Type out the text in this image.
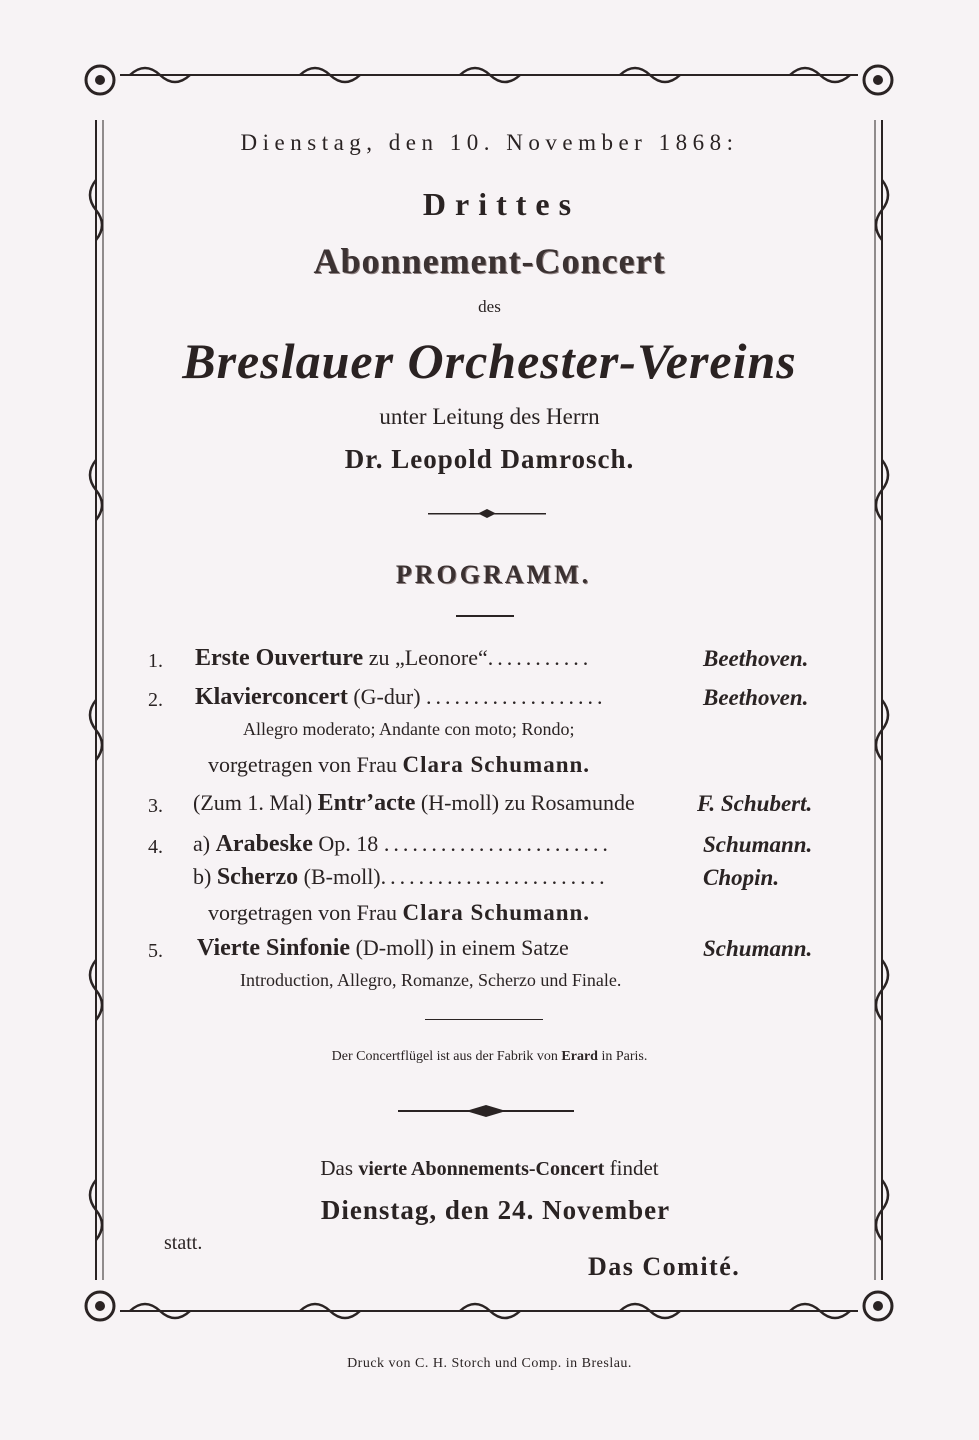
Dienstag, den 10. November 1868:

Drittes

Abonnement-Concert

des

Breslauer Orchester-Vereins

unter Leitung des Herrn

Dr. Leopold Damrosch.

PROGRAMM.

1. Erste Ouverture zu „Leonore“...........	Beethoven.
2. Klavierconcert (G-dur) ...................	Beethoven.
Allegro moderato; Andante con moto; Rondo;
vorgetragen von Frau Clara Schumann.
3. (Zum 1. Mal) Entr’acte (H-moll) zu Rosamunde	F. Schubert.
4. a) Arabeske Op. 18 ........................	Schumann.
b) Scherzo (B-moll)........................	Chopin.
vorgetragen von Frau Clara Schumann.
5. Vierte Sinfonie (D-moll) in einem Satze	Schumann.
Introduction, Allegro, Romanze, Scherzo und Finale.

Der Concertflügel ist aus der Fabrik von Erard in Paris.

Das vierte Abonnements-Concert findet

Dienstag, den 24. November

statt.
Das Comité.

Druck von C. H. Storch und Comp. in Breslau.
